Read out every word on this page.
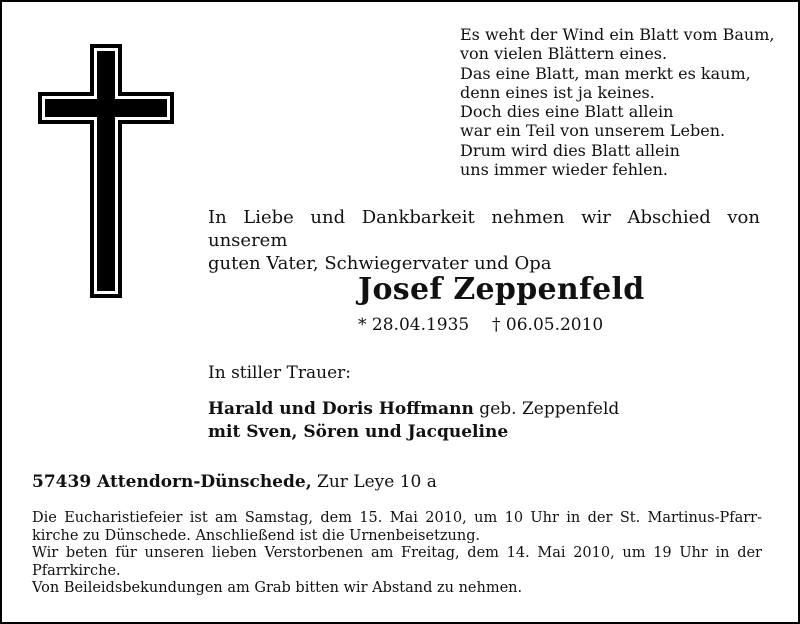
Es weht der Wind ein Blatt vom Baum,
von vielen Blättern eines.
Das eine Blatt, man merkt es kaum,
denn eines ist ja keines.
Doch dies eine Blatt allein
war ein Teil von unserem Leben.
Drum wird dies Blatt allein
uns immer wieder fehlen.
In Liebe und Dankbarkeit nehmen wir Abschied von unserem
guten Vater, Schwiegervater und Opa
Josef Zeppenfeld
* 28.04.1935 † 06.05.2010
In stiller Trauer:
Harald und Doris Hoffmann geb. Zeppenfeld
mit Sven, Sören und Jacqueline
57439 Attendorn-Dünschede, Zur Leye 10 a
Die Eucharistiefeier ist am Samstag, dem 15. Mai 2010, um 10 Uhr in der St. Martinus-Pfarr-
kirche zu Dünschede. Anschließend ist die Urnenbeisetzung.
Wir beten für unseren lieben Verstorbenen am Freitag, dem 14. Mai 2010, um 19 Uhr in der
Pfarrkirche.
Von Beileidsbekundungen am Grab bitten wir Abstand zu nehmen.
